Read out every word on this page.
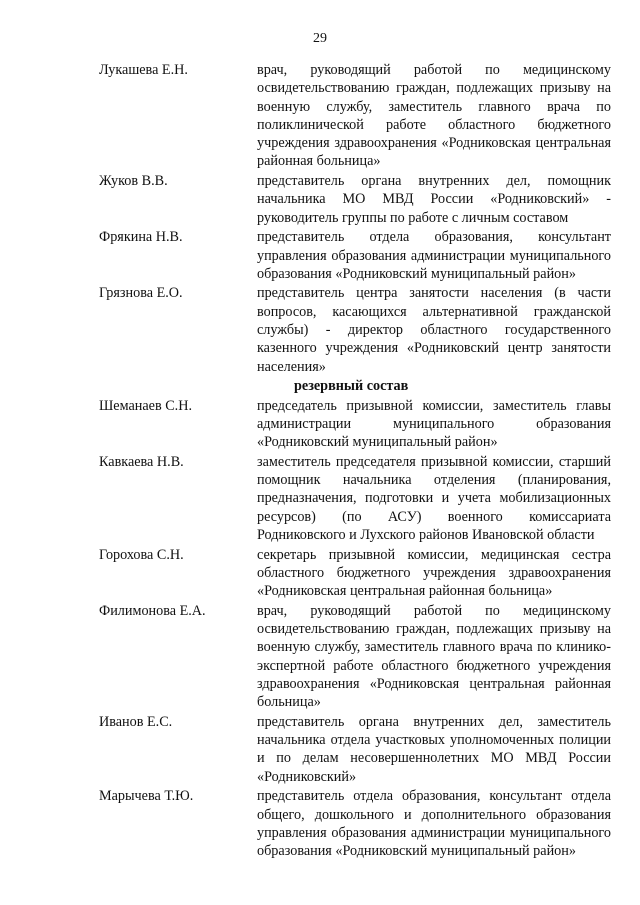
29
Лукашева Е.Н.	врач, руководящий работой по медицинскому освидетельствованию граждан, подлежащих призыву на военную службу, заместитель главного врача по поликлинической работе областного бюджетного учреждения здравоохранения «Родниковская центральная районная больница»
Жуков В.В.	представитель органа внутренних дел, помощник начальника МО МВД России «Родниковский» - руководитель группы по работе с личным составом
Фрякина Н.В.	представитель отдела образования, консультант управления образования администрации муниципального образования «Родниковский муниципальный район»
Грязнова Е.О.	представитель центра занятости населения (в части вопросов, касающихся альтернативной гражданской службы) - директор областного государственного казенного учреждения «Родниковский центр занятости населения»
резервный состав
Шеманаев С.Н.	председатель призывной комиссии, заместитель главы администрации муниципального образования «Родниковский муниципальный район»
Кавкаева Н.В.	заместитель председателя призывной комиссии, старший помощник начальника отделения (планирования, предназначения, подготовки и учета мобилизационных ресурсов) (по АСУ) военного комиссариата Родниковского и Лухского районов Ивановской области
Горохова С.Н.	секретарь призывной комиссии, медицинская сестра областного бюджетного учреждения здравоохранения «Родниковская центральная районная больница»
Филимонова Е.А.	врач, руководящий работой по медицинскому освидетельствованию граждан, подлежащих призыву на военную службу, заместитель главного врача по клинико-экспертной работе областного бюджетного учреждения здравоохранения «Родниковская центральная районная больница»
Иванов Е.С.	представитель органа внутренних дел, заместитель начальника отдела участковых уполномоченных полиции и по делам несовершеннолетних МО МВД России «Родниковский»
Марычева Т.Ю.	представитель отдела образования, консультант отдела общего, дошкольного и дополнительного образования управления образования администрации муниципального образования «Родниковский муниципальный район»
